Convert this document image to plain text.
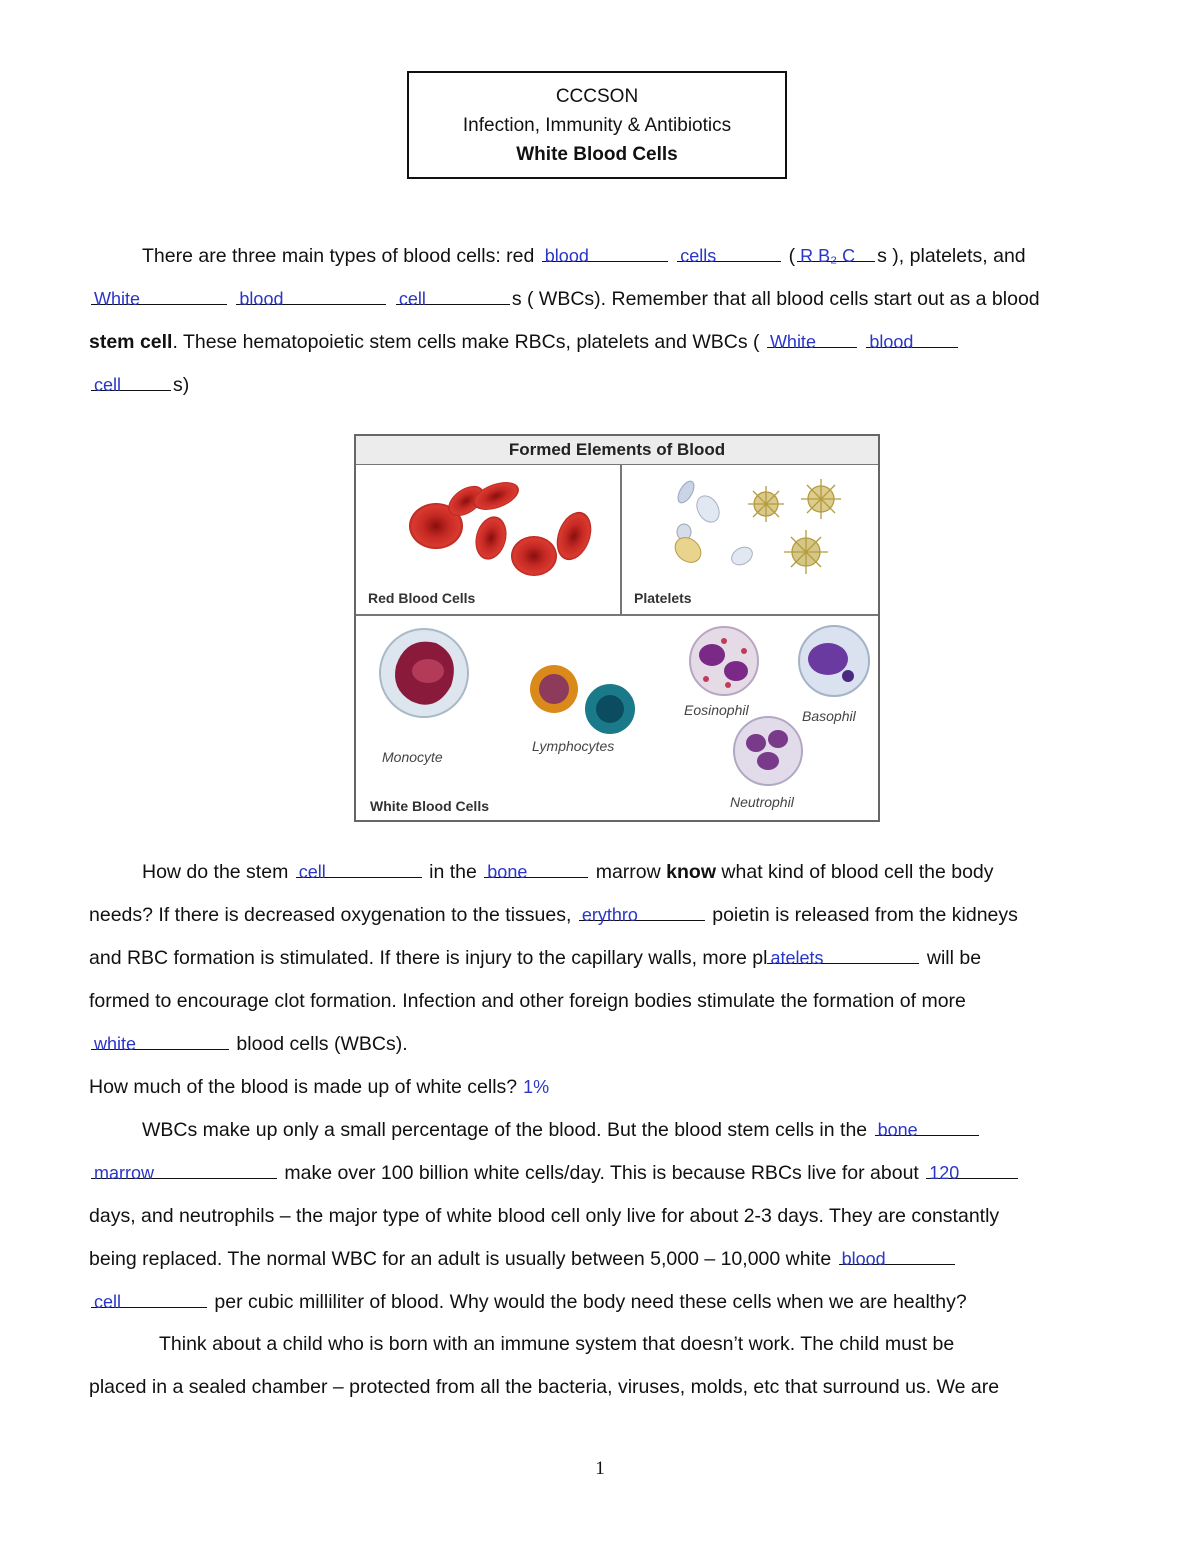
CCCSON
Infection, Immunity & Antibiotics
White Blood Cells
There are three main types of blood cells: red blood
	cells	( R B₂ C s ), platelets, and
White
	blood
	cell	s ( WBCs). Remember that all blood cells start out as a blood
stem cell. These hematopoietic stem cells make RBCs, platelets and WBCs ( White
	blood
cell	s)
Formed Elements of Blood
Red Blood Cells	Platelets
Monocyte
Lymphocytes
Eosinophil	Basophil
Neutrophil
White Blood Cells
How do the stem cell	in the bone	marrow know what kind of blood cell the body
needs? If there is decreased oxygenation to the tissues, erythro	poietin is released from the kidneys
and RBC formation is stimulated. If there is injury to the capillary walls, more pl atelets	will be
formed to encourage clot formation. Infection and other foreign bodies stimulate the formation of more
white	blood cells (WBCs).
How much of the blood is made up of white cells? 1%
WBCs make up only a small percentage of the blood. But the blood stem cells in the bone
marrow	make over 100 billion white cells/day. This is because RBCs live for about 120
days, and neutrophils – the major type of white blood cell only live for about 2-3 days. They are constantly
being replaced. The normal WBC for an adult is usually between 5,000 – 10,000 white blood
cell	per cubic milliliter of blood. Why would the body need these cells when we are healthy?
Think about a child who is born with an immune system that doesn’t work. The child must be
placed in a sealed chamber – protected from all the bacteria, viruses, molds, etc that surround us. We are
1
